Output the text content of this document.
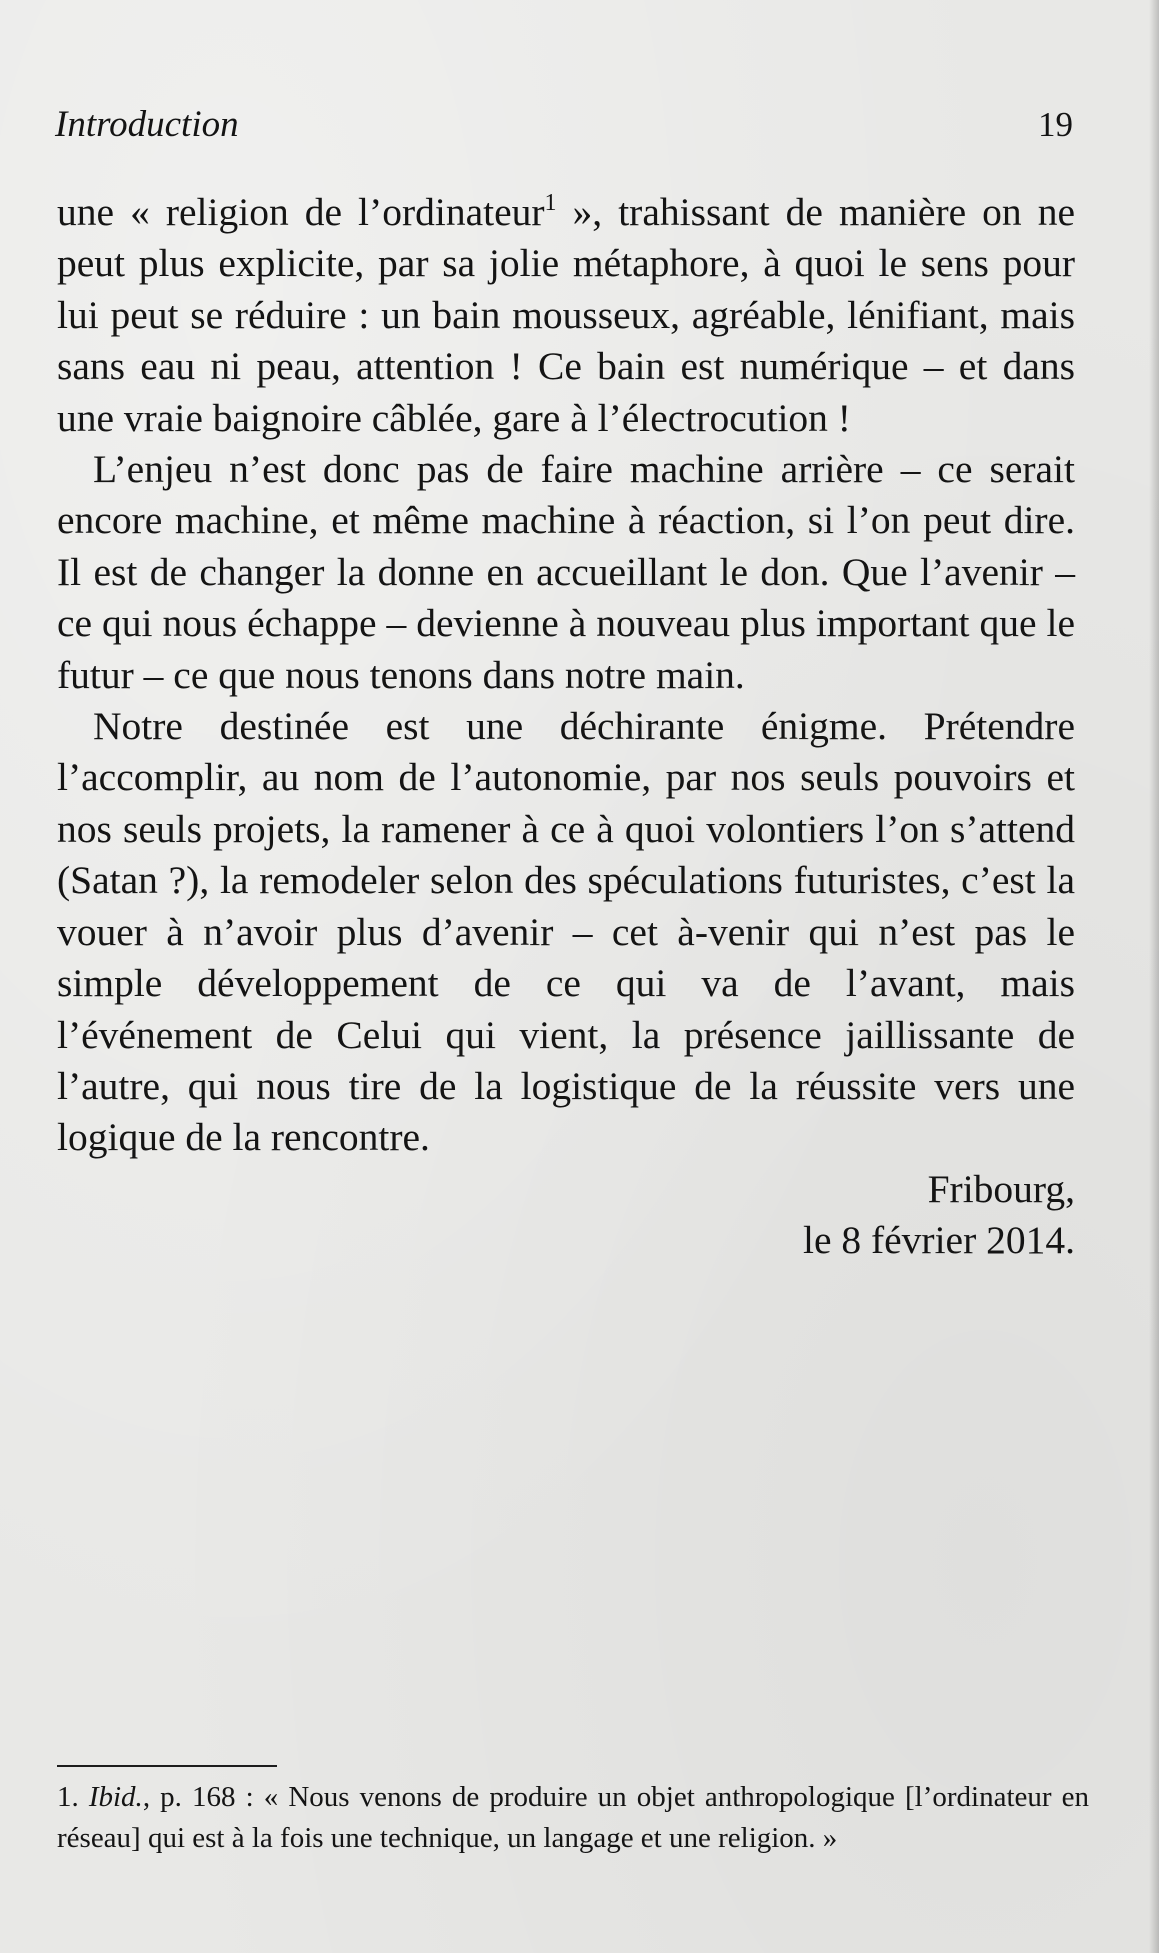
Introduction	19

une « religion de l’ordinateur$^1$ », trahissant de manière on ne peut plus explicite, par sa jolie métaphore, à quoi le sens pour lui peut se réduire : un bain mousseux, agréable, lénifiant, mais sans eau ni peau, attention ! Ce bain est numérique – et dans une vraie baignoire câblée, gare à l’électrocution !

L’enjeu n’est donc pas de faire machine arrière – ce serait encore machine, et même machine à réaction, si l’on peut dire. Il est de changer la donne en accueillant le don. Que l’avenir – ce qui nous échappe – devienne à nouveau plus important que le futur – ce que nous tenons dans notre main.

Notre destinée est une déchirante énigme. Prétendre l’accomplir, au nom de l’autonomie, par nos seuls pouvoirs et nos seuls projets, la ramener à ce à quoi volontiers l’on s’attend (Satan ?), la remodeler selon des spéculations futuristes, c’est la vouer à n’avoir plus d’avenir – cet à-venir qui n’est pas le simple développement de ce qui va de l’avant, mais l’événement de Celui qui vient, la présence jaillissante de l’autre, qui nous tire de la logistique de la réussite vers une logique de la rencontre.

Fribourg,

le 8 février 2014.

1. Ibid., p. 168 : « Nous venons de produire un objet anthropologique [l’ordinateur en réseau] qui est à la fois une technique, un langage et une religion. »
